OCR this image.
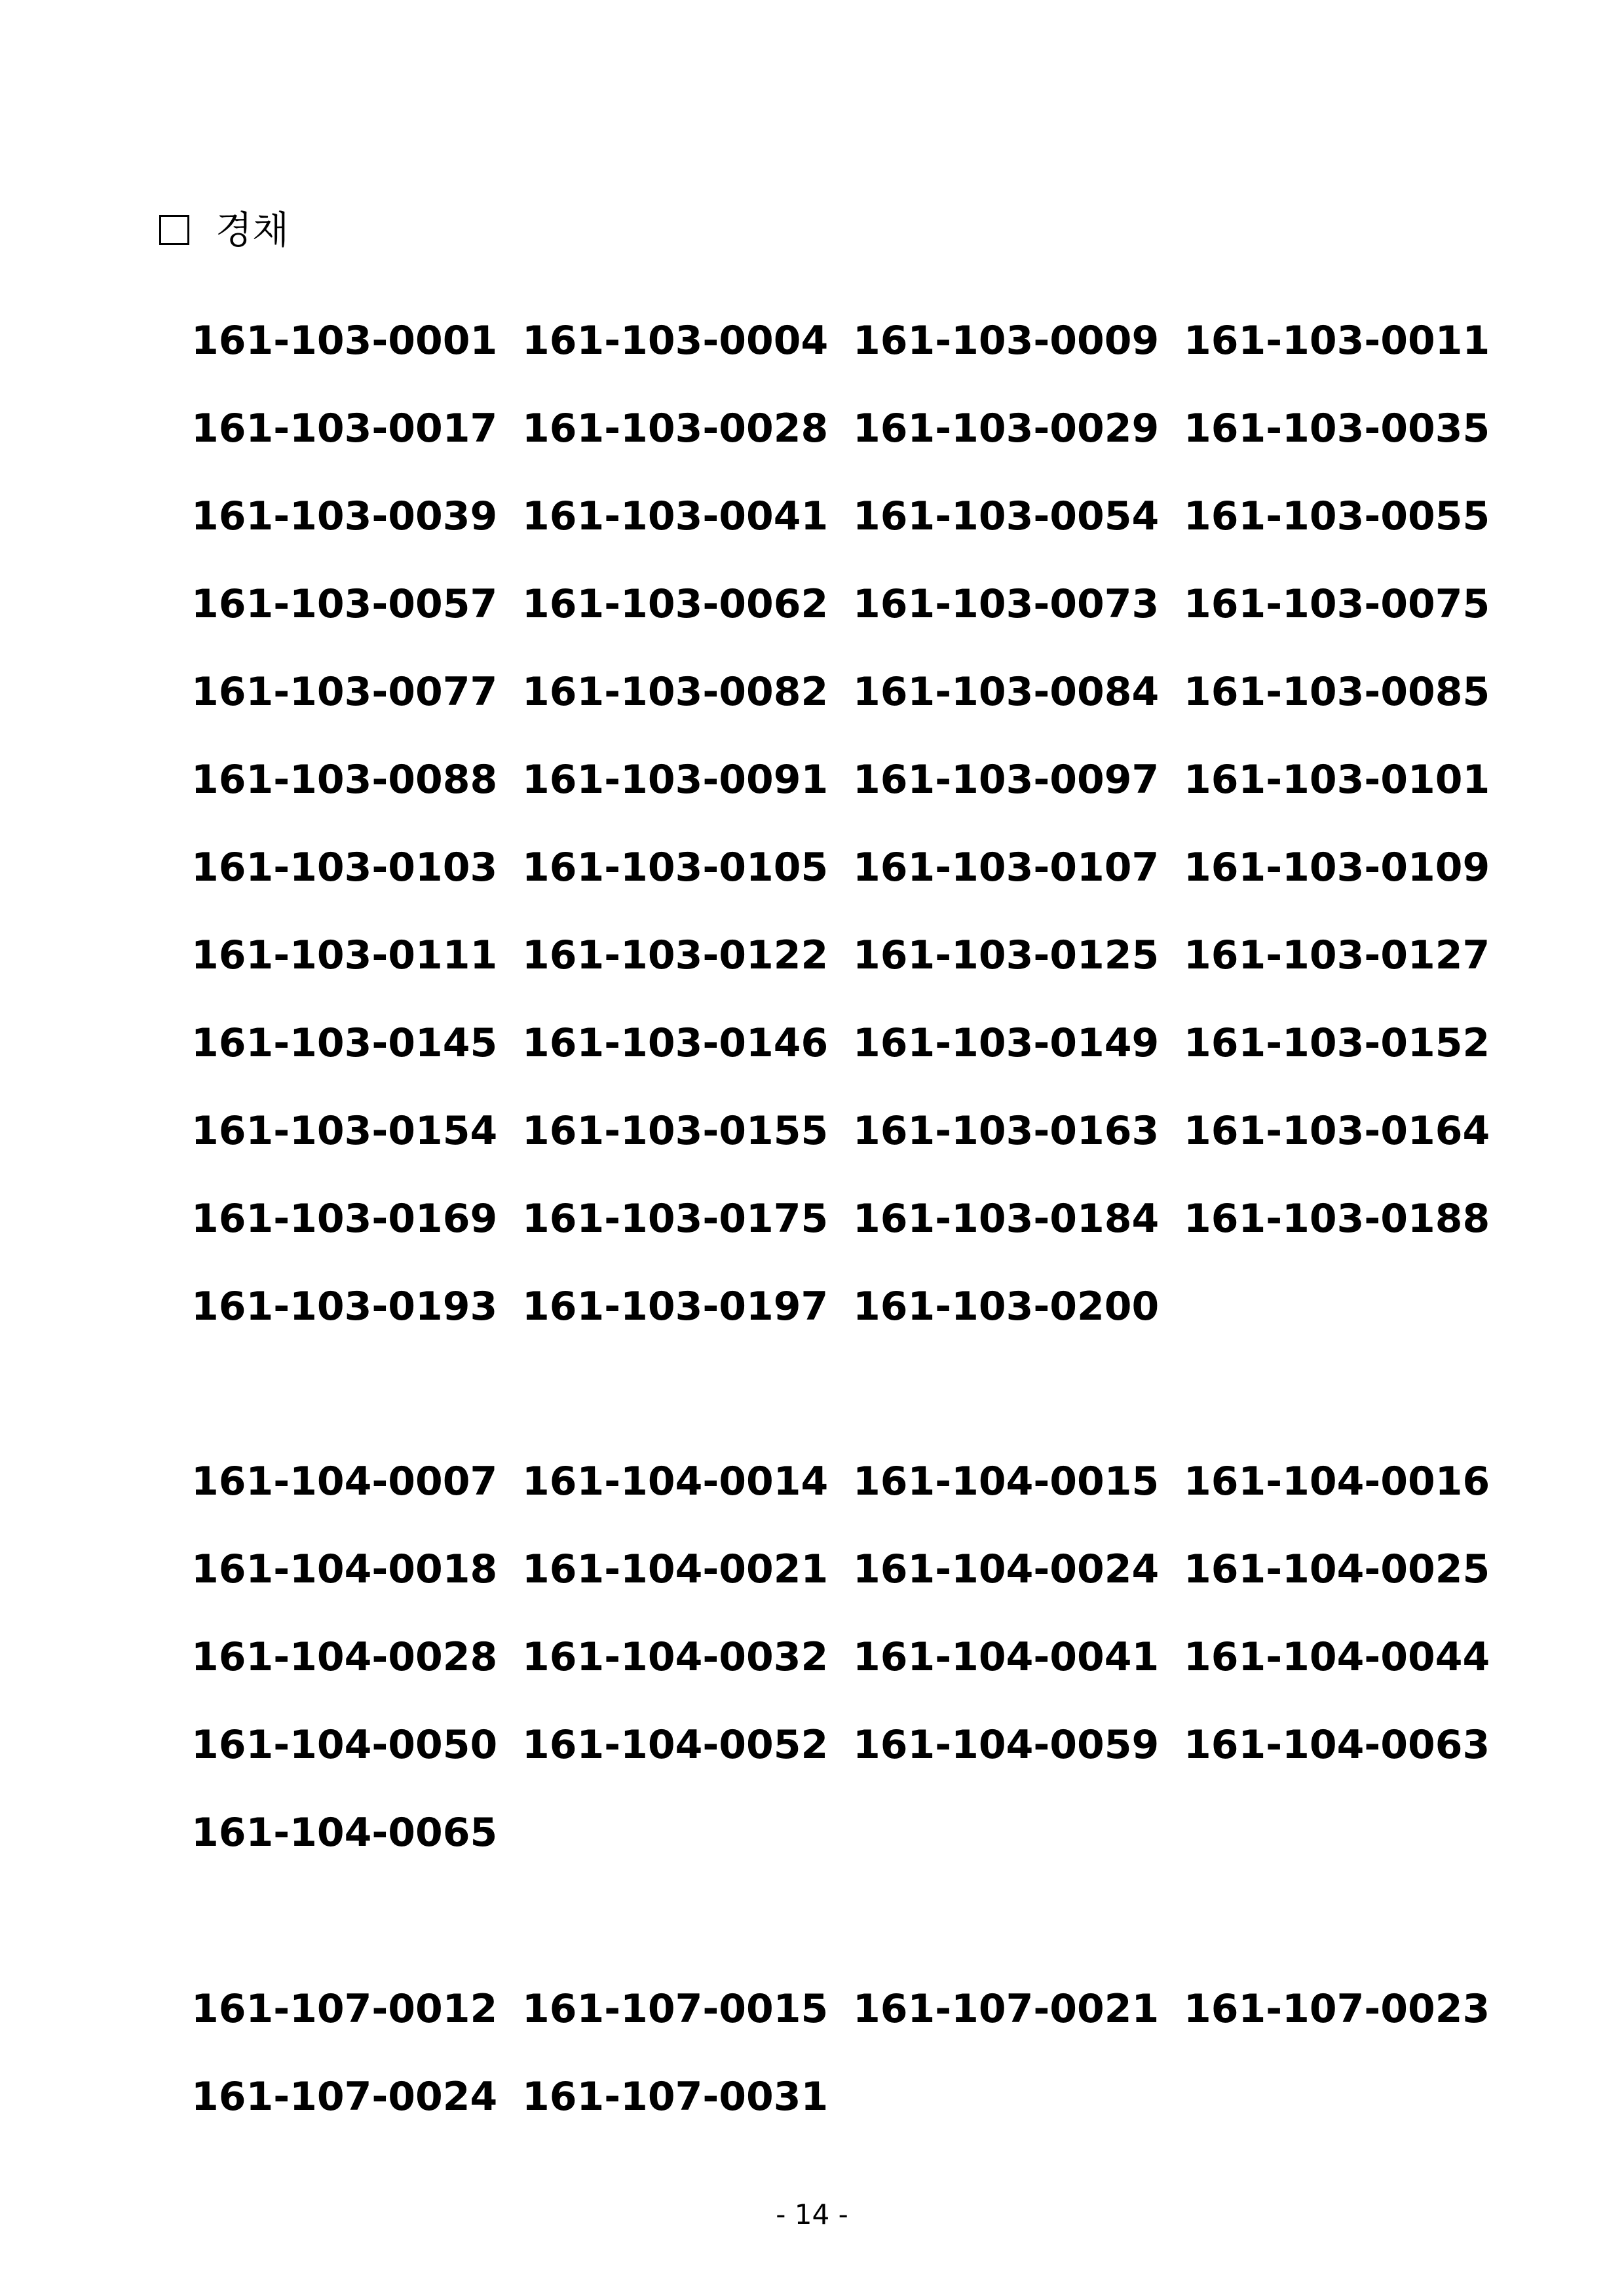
경채
161-103-0001 161-103-0004 161-103-0009 161-103-0011
161-103-0017 161-103-0028 161-103-0029 161-103-0035
161-103-0039 161-103-0041 161-103-0054 161-103-0055
161-103-0057 161-103-0062 161-103-0073 161-103-0075
161-103-0077 161-103-0082 161-103-0084 161-103-0085
161-103-0088 161-103-0091 161-103-0097 161-103-0101
161-103-0103 161-103-0105 161-103-0107 161-103-0109
161-103-0111 161-103-0122 161-103-0125 161-103-0127
161-103-0145 161-103-0146 161-103-0149 161-103-0152
161-103-0154 161-103-0155 161-103-0163 161-103-0164
161-103-0169 161-103-0175 161-103-0184 161-103-0188
161-103-0193 161-103-0197 161-103-0200
161-104-0007 161-104-0014 161-104-0015 161-104-0016
161-104-0018 161-104-0021 161-104-0024 161-104-0025
161-104-0028 161-104-0032 161-104-0041 161-104-0044
161-104-0050 161-104-0052 161-104-0059 161-104-0063
161-104-0065
161-107-0012 161-107-0015 161-107-0021 161-107-0023
161-107-0024 161-107-0031
- 14 -
